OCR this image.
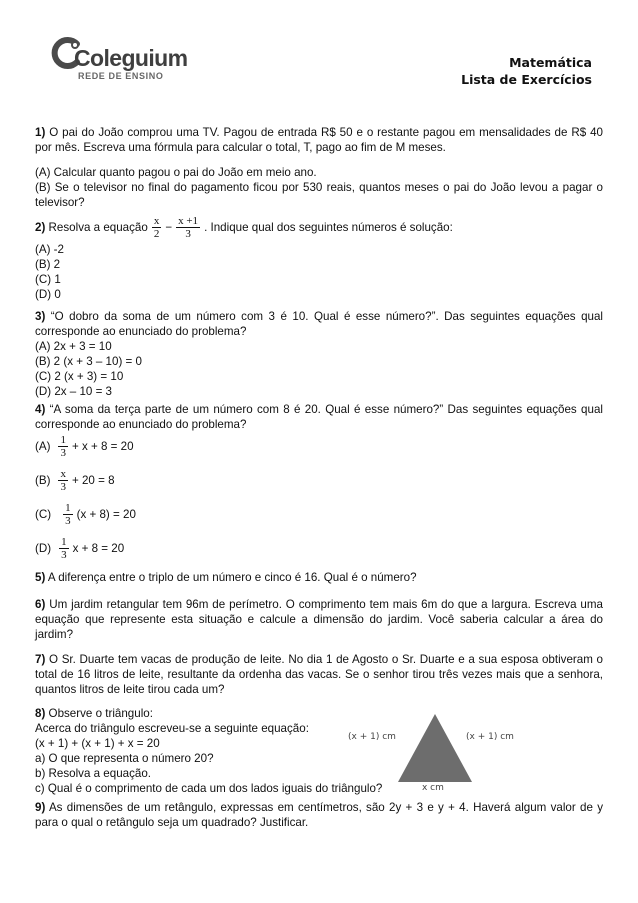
Coleguium
REDE DE ENSINO
Matemática
Lista de Exercícios

1) O pai do João comprou uma TV. Pagou de entrada R$ 50 e o restante pagou em mensalidades de R$ 40 por mês. Escreva uma fórmula para calcular o total, T, pago ao fim de M meses.

(A) Calcular quanto pagou o pai do João em meio ano.

(B) Se o televisor no final do pagamento ficou por 530 reais, quantos meses o pai do João levou a pagar o televisor?

2)
Resolva a equação $\frac{x}{2} - \frac{x +1}{3}$ . Indique qual dos seguintes números é solução:

(A) -2

(B) 2

(C) 1

(D) 0

3) “O dobro da soma de um número com 3 é 10. Qual é esse número?”. Das seguintes equações qual corresponde ao enunciado do problema?

(A) 2x + 3 = 10

(B) 2 (x + 3 – 10) = 0

(C) 2 (x + 3) = 10

(D) 2x – 10 = 3

4) “A soma da terça parte de um número com 8 é 20. Qual é esse número?” Das seguintes equações qual corresponde ao enunciado do problema?

$(A) \frac{1}{3} + x + 8 = 20$
$(B) \frac{x}{3} + 20 = 8$
$(C) \frac{1}{3} (x + 8) = 20$
$(D) \frac{1}{3}$ x + 8 = 20

5) A diferença entre o triplo de um número e cinco é 16. Qual é o número?

6) Um jardim retangular tem 96m de perímetro. O comprimento tem mais 6m do que a largura. Escreva uma equação que represente esta situação e calcule a dimensão do jardim. Você saberia calcular a área do jardim?

7) O Sr. Duarte tem vacas de produção de leite. No dia 1 de Agosto o Sr. Duarte e a sua esposa obtiveram o total de 16 litros de leite, resultante da ordenha das vacas. Se o senhor tirou três vezes mais que a senhora, quantos litros de leite tirou cada um?

8) Observe o triângulo:

Acerca do triângulo escreveu-se a seguinte equação:

(x + 1) + (x + 1) + x = 20

a) O que representa o número 20?

b) Resolva a equação.

c) Qual é o comprimento de cada um dos lados iguais do triângulo?

(x + 1) cm	(x + 1) cm
x cm

9) As dimensões de um retângulo, expressas em centímetros, são 2y + 3 e y + 4. Haverá algum valor de y para o qual o retângulo seja um quadrado? Justificar.
